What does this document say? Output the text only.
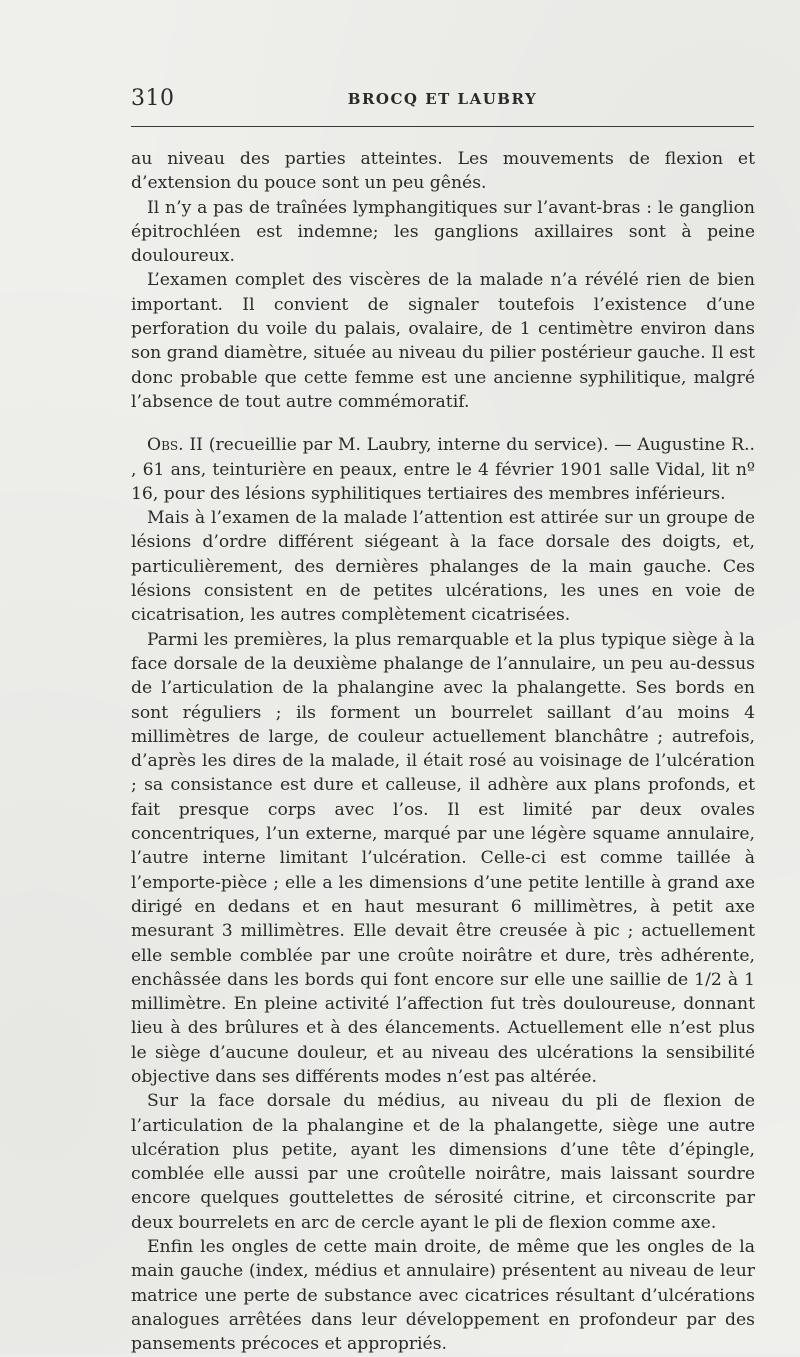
310	BROCQ ET LAUBRY

au niveau des parties atteintes. Les mouvements de flexion et d’extension du pouce sont un peu gênés.

Il n’y a pas de traînées lymphangitiques sur l’avant-bras : le ganglion épitrochléen est indemne; les ganglions axillaires sont à peine douloureux.

L’examen complet des viscères de la malade n’a révélé rien de bien important. Il convient de signaler toutefois l’existence d’une perforation du voile du palais, ovalaire, de 1 centimètre environ dans son grand diamètre, située au niveau du pilier postérieur gauche. Il est donc probable que cette femme est une ancienne syphilitique, malgré l’absence de tout autre commémoratif.

Obs. II (recueillie par M. Laubry, interne du service). — Augustine R.. , 61 ans, teinturière en peaux, entre le 4 février 1901 salle Vidal, lit nº 16, pour des lésions syphilitiques tertiaires des membres inférieurs.

Mais à l’examen de la malade l’attention est attirée sur un groupe de lésions d’ordre différent siégeant à la face dorsale des doigts, et, particulièrement, des dernières phalanges de la main gauche. Ces lésions consistent en de petites ulcérations, les unes en voie de cicatrisation, les autres complètement cicatrisées.

Parmi les premières, la plus remarquable et la plus typique siège à la face dorsale de la deuxième phalange de l’annulaire, un peu au-dessus de l’articulation de la phalangine avec la phalangette. Ses bords en sont réguliers ; ils forment un bourrelet saillant d’au moins 4 millimètres de large, de couleur actuellement blanchâtre ; autrefois, d’après les dires de la malade, il était rosé au voisinage de l’ulcération ; sa consistance est dure et calleuse, il adhère aux plans profonds, et fait presque corps avec l’os. Il est limité par deux ovales concentriques, l’un externe, marqué par une légère squame annulaire, l’autre interne limitant l’ulcération. Celle-ci est comme taillée à l’emporte-pièce ; elle a les dimensions d’une petite lentille à grand axe dirigé en dedans et en haut mesurant 6 millimètres, à petit axe mesurant 3 millimètres. Elle devait être creusée à pic ; actuellement elle semble comblée par une croûte noirâtre et dure, très adhérente, enchâssée dans les bords qui font encore sur elle une saillie de 1/2 à 1 millimètre. En pleine activité l’affection fut très douloureuse, donnant lieu à des brûlures et à des élancements. Actuellement elle n’est plus le siège d’aucune douleur, et au niveau des ulcérations la sensibilité objective dans ses différents modes n’est pas altérée.

Sur la face dorsale du médius, au niveau du pli de flexion de l’articulation de la phalangine et de la phalangette, siège une autre ulcération plus petite, ayant les dimensions d’une tête d’épingle, comblée elle aussi par une croûtelle noirâtre, mais laissant sourdre encore quelques gouttelettes de sérosité citrine, et circonscrite par deux bourrelets en arc de cercle ayant le pli de flexion comme axe.

Enfin les ongles de cette main droite, de même que les ongles de la main gauche (index, médius et annulaire) présentent au niveau de leur matrice une perte de substance avec cicatrices résultant d’ulcérations analogues arrêtées dans leur développement en profondeur par des pansements précoces et appropriés.
